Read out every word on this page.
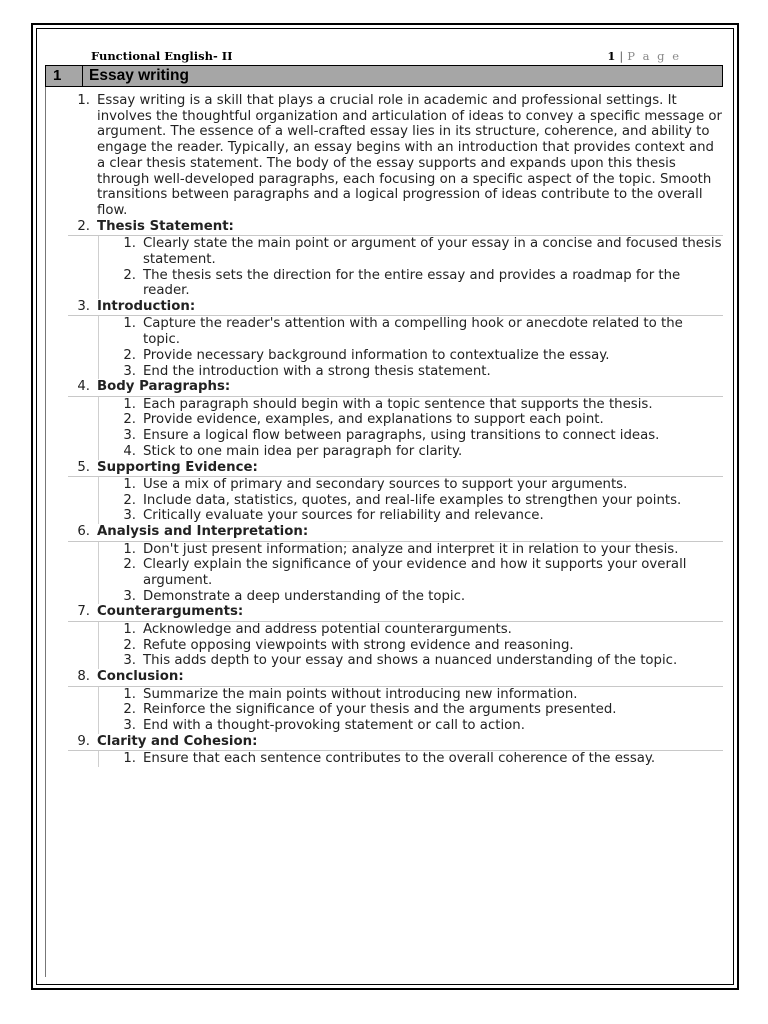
Functional English- II	1 | P a g e
1 Essay writing
1. Essay writing is a skill that plays a crucial role in academic and professional settings. It involves the thoughtful organization and articulation of ideas to convey a specific message or argument. The essence of a well-crafted essay lies in its structure, coherence, and ability to engage the reader. Typically, an essay begins with an introduction that provides context and a clear thesis statement. The body of the essay supports and expands upon this thesis through well-developed paragraphs, each focusing on a specific aspect of the topic. Smooth transitions between paragraphs and a logical progression of ideas contribute to the overall flow.
2. Thesis Statement:
1. Clearly state the main point or argument of your essay in a concise and focused thesis statement.
2. The thesis sets the direction for the entire essay and provides a roadmap for the reader.
3. Introduction:
1. Capture the reader's attention with a compelling hook or anecdote related to the topic.
2. Provide necessary background information to contextualize the essay.
3. End the introduction with a strong thesis statement.
4. Body Paragraphs:
1. Each paragraph should begin with a topic sentence that supports the thesis.
2. Provide evidence, examples, and explanations to support each point.
3. Ensure a logical flow between paragraphs, using transitions to connect ideas.
4. Stick to one main idea per paragraph for clarity.
5. Supporting Evidence:
1. Use a mix of primary and secondary sources to support your arguments.
2. Include data, statistics, quotes, and real-life examples to strengthen your points.
3. Critically evaluate your sources for reliability and relevance.
6. Analysis and Interpretation:
1. Don't just present information; analyze and interpret it in relation to your thesis.
2. Clearly explain the significance of your evidence and how it supports your overall argument.
3. Demonstrate a deep understanding of the topic.
7. Counterarguments:
1. Acknowledge and address potential counterarguments.
2. Refute opposing viewpoints with strong evidence and reasoning.
3. This adds depth to your essay and shows a nuanced understanding of the topic.
8. Conclusion:
1. Summarize the main points without introducing new information.
2. Reinforce the significance of your thesis and the arguments presented.
3. End with a thought-provoking statement or call to action.
9. Clarity and Cohesion:
1. Ensure that each sentence contributes to the overall coherence of the essay.
